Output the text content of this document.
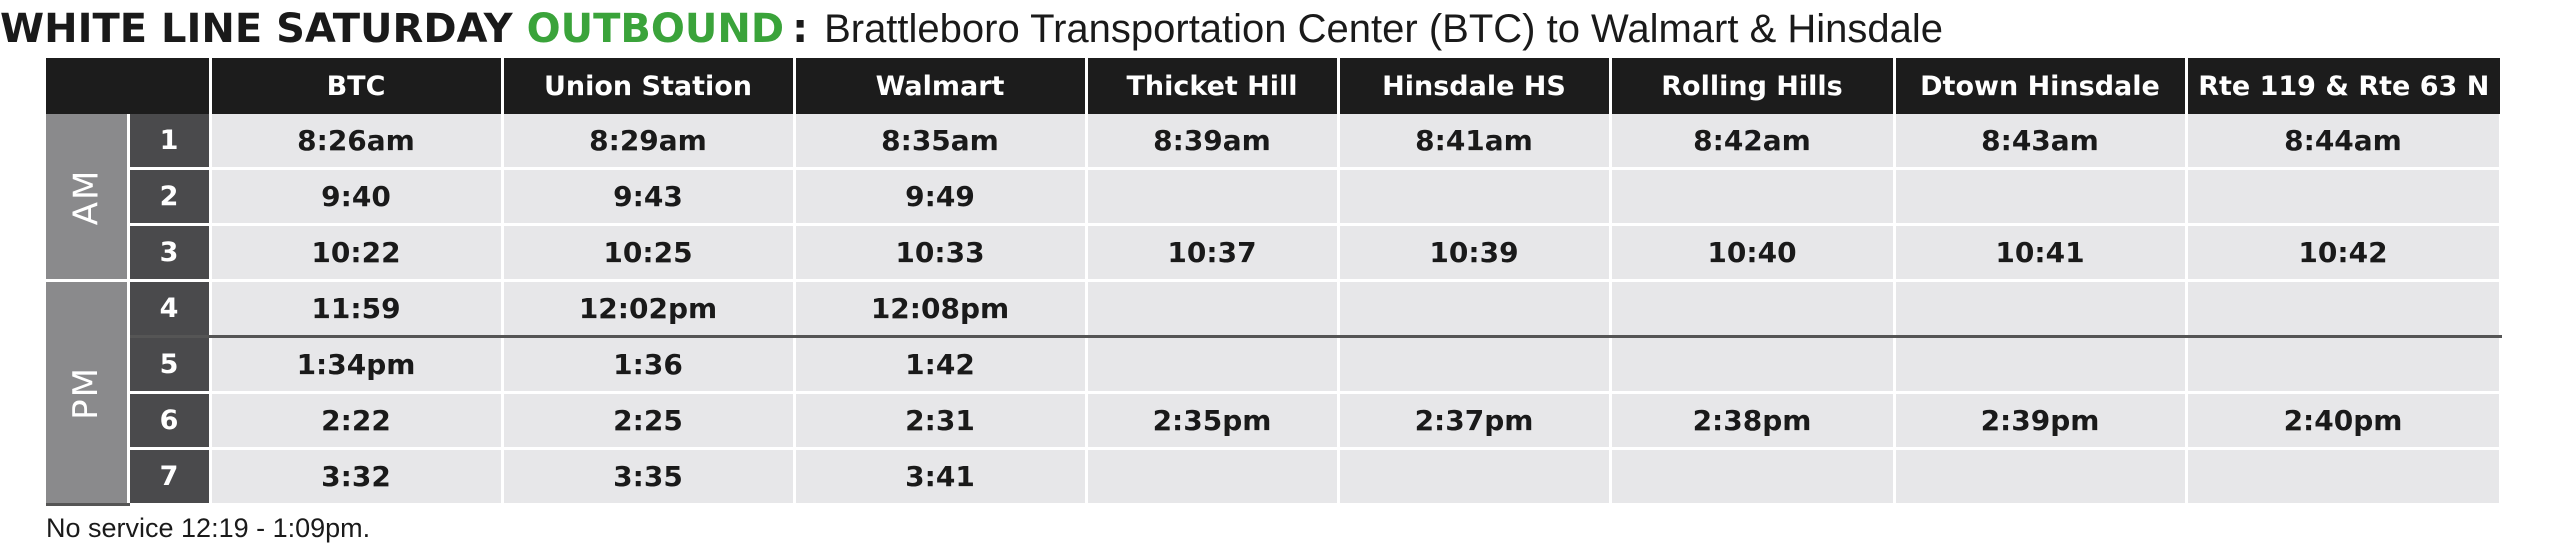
WHITE LINE SATURDAY OUTBOUND : Brattleboro Transportation Center (BTC) to Walmart & Hinsdale
		BTC	Union Station	Walmart	Thicket Hill	Hinsdale HS	Rolling Hills	Dtown Hinsdale	Rte 119 & Rte 63 N
AM	1	8:26am	8:29am	8:35am	8:39am	8:41am	8:42am	8:43am	8:44am
	2	9:40	9:43	9:49					
	3	10:22	10:25	10:33	10:37	10:39	10:40	10:41	10:42
PM	4	11:59	12:02pm	12:08pm					
	5	1:34pm	1:36	1:42					
	6	2:22	2:25	2:31	2:35pm	2:37pm	2:38pm	2:39pm	2:40pm
	7	3:32	3:35	3:41					
No service 12:19 - 1:09pm.
